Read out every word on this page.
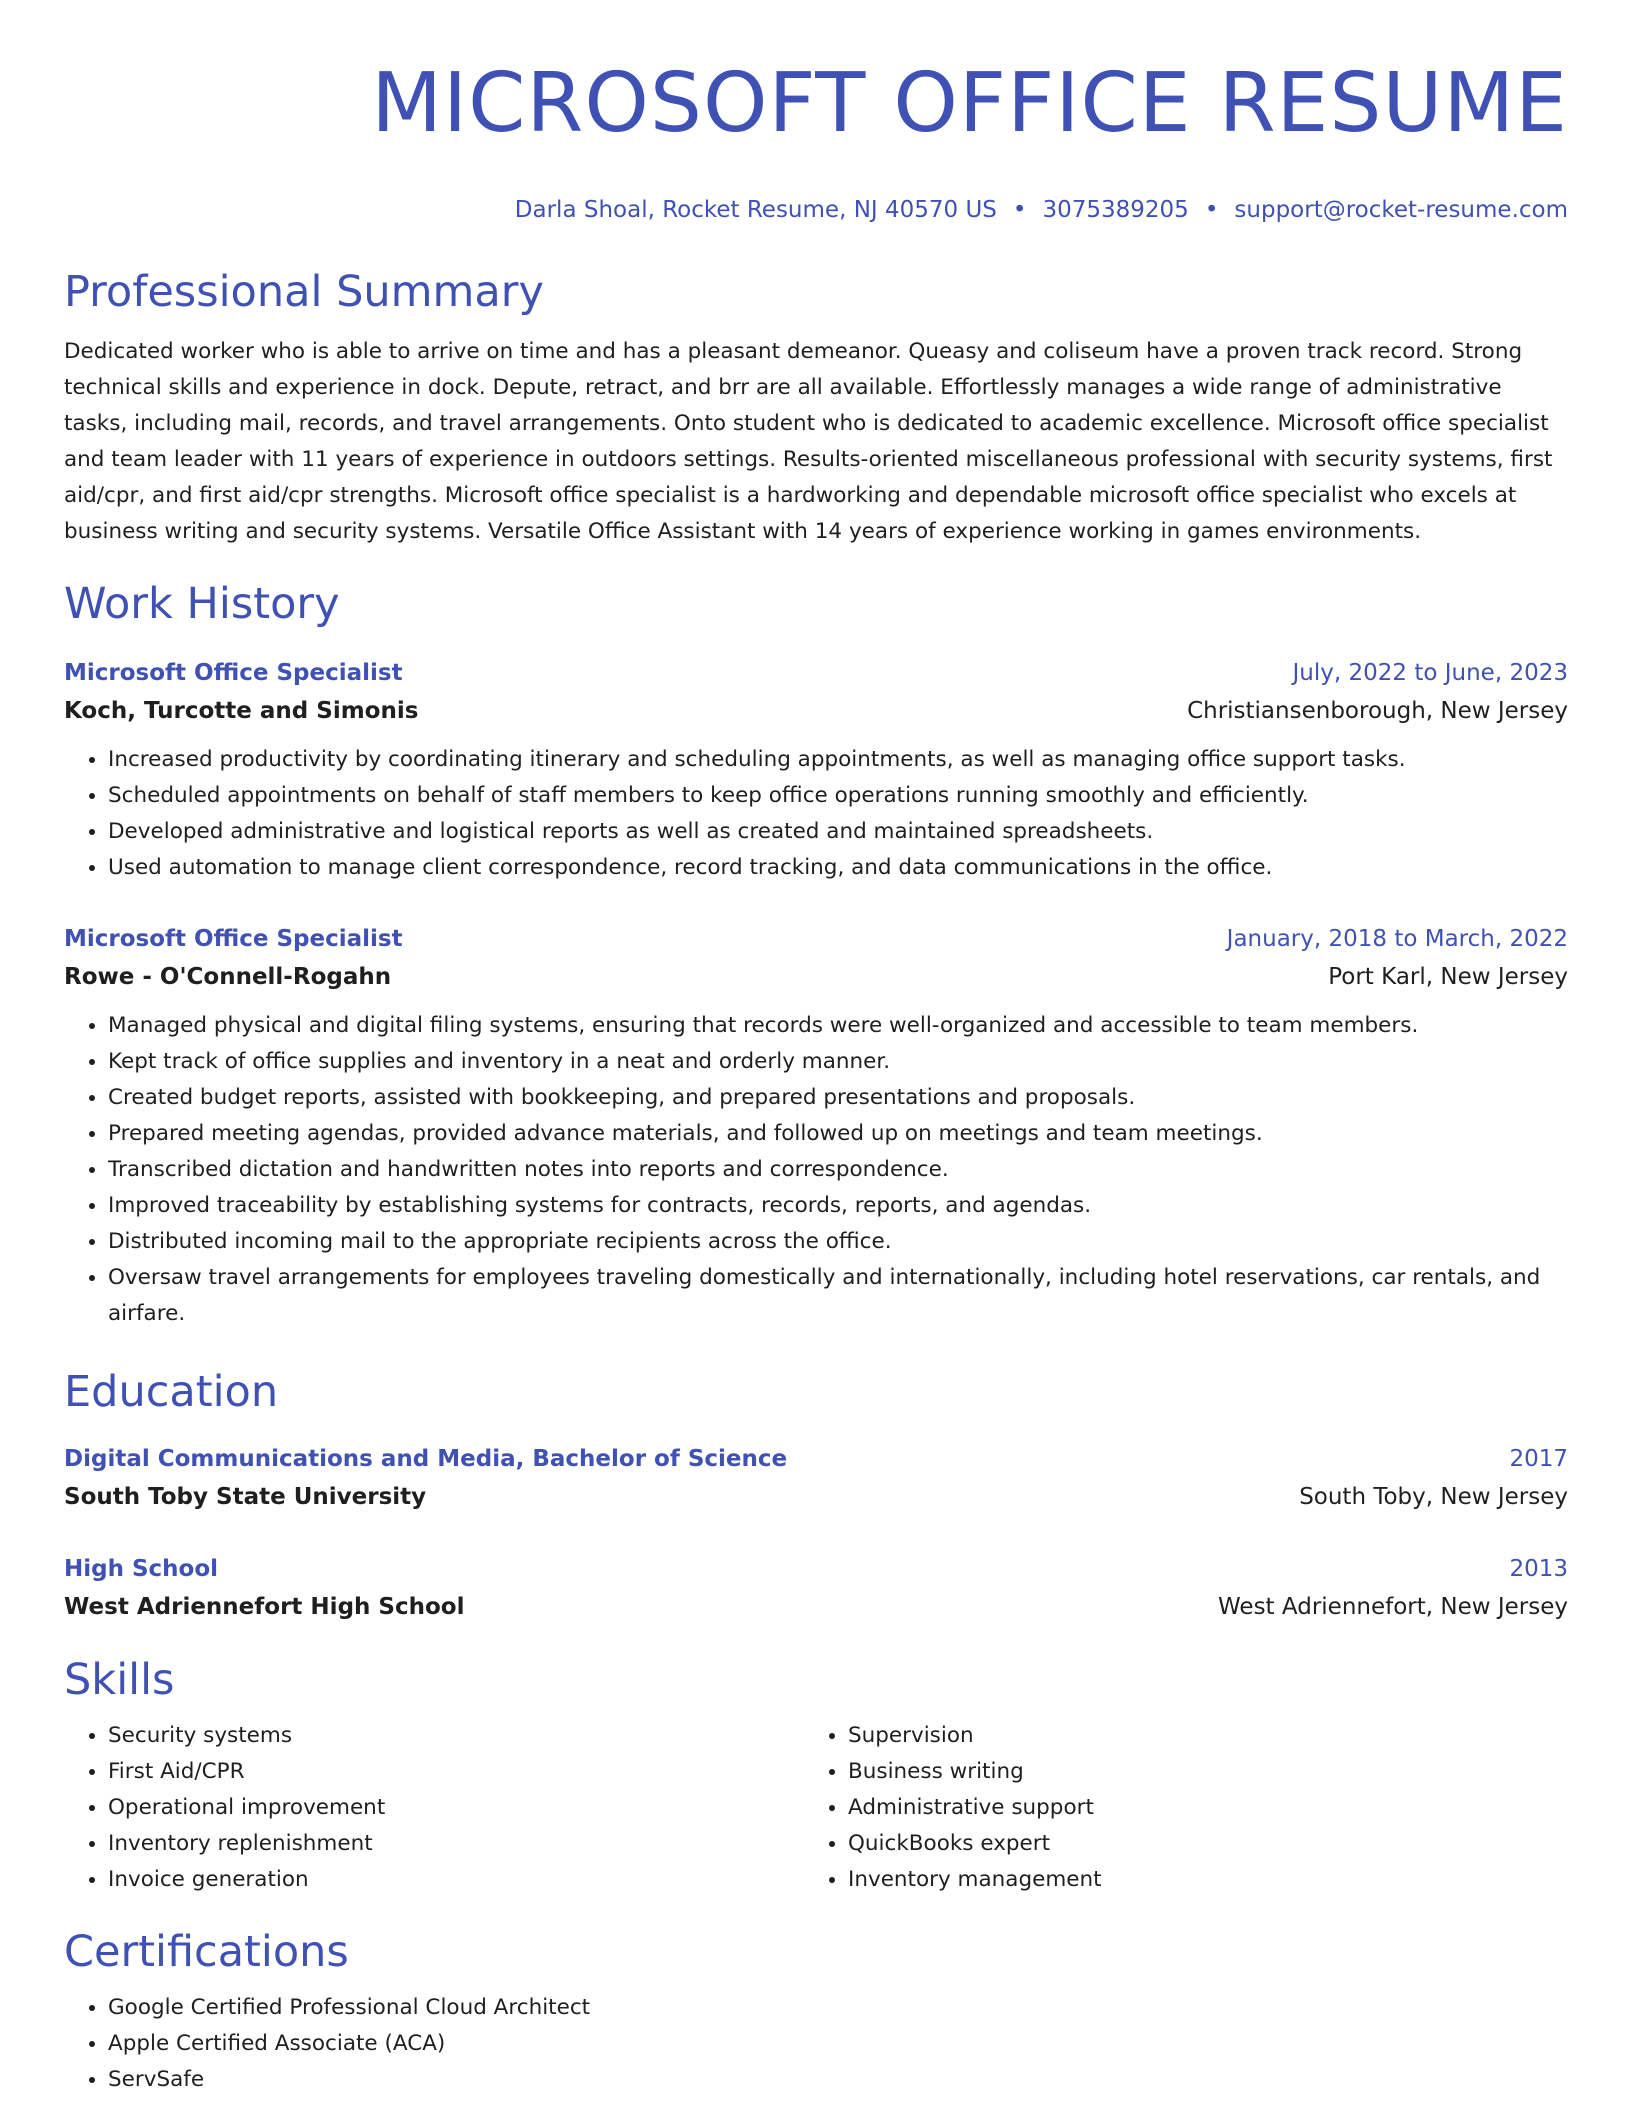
MICROSOFT OFFICE RESUME
Darla Shoal, Rocket Resume, NJ 40570 US • 3075389205 • support@rocket-resume.com
Professional Summary
Dedicated worker who is able to arrive on time and has a pleasant demeanor. Queasy and coliseum have a proven track record. Strong technical skills and experience in dock. Depute, retract, and brr are all available. Effortlessly manages a wide range of administrative tasks, including mail, records, and travel arrangements. Onto student who is dedicated to academic excellence. Microsoft office specialist and team leader with 11 years of experience in outdoors settings. Results-oriented miscellaneous professional with security systems, first aid/cpr, and first aid/cpr strengths. Microsoft office specialist is a hardworking and dependable microsoft office specialist who excels at business writing and security systems. Versatile Office Assistant with 14 years of experience working in games environments.
Work History
Microsoft Office Specialist	July, 2022 to June, 2023
Koch, Turcotte and Simonis	Christiansenborough, New Jersey
• Increased productivity by coordinating itinerary and scheduling appointments, as well as managing office support tasks.
• Scheduled appointments on behalf of staff members to keep office operations running smoothly and efficiently.
• Developed administrative and logistical reports as well as created and maintained spreadsheets.
• Used automation to manage client correspondence, record tracking, and data communications in the office.
Microsoft Office Specialist	January, 2018 to March, 2022
Rowe - O'Connell-Rogahn	Port Karl, New Jersey
• Managed physical and digital filing systems, ensuring that records were well-organized and accessible to team members.
• Kept track of office supplies and inventory in a neat and orderly manner.
• Created budget reports, assisted with bookkeeping, and prepared presentations and proposals.
• Prepared meeting agendas, provided advance materials, and followed up on meetings and team meetings.
• Transcribed dictation and handwritten notes into reports and correspondence.
• Improved traceability by establishing systems for contracts, records, reports, and agendas.
• Distributed incoming mail to the appropriate recipients across the office.
• Oversaw travel arrangements for employees traveling domestically and internationally, including hotel reservations, car rentals, and airfare.
Education
Digital Communications and Media, Bachelor of Science	2017
South Toby State University	South Toby, New Jersey
High School	2013
West Adriennefort High School	West Adriennefort, New Jersey
Skills
• Security systems
• First Aid/CPR
• Operational improvement
• Inventory replenishment
• Invoice generation
• Supervision
• Business writing
• Administrative support
• QuickBooks expert
• Inventory management
Certifications
• Google Certified Professional Cloud Architect
• Apple Certified Associate (ACA)
• ServSafe
